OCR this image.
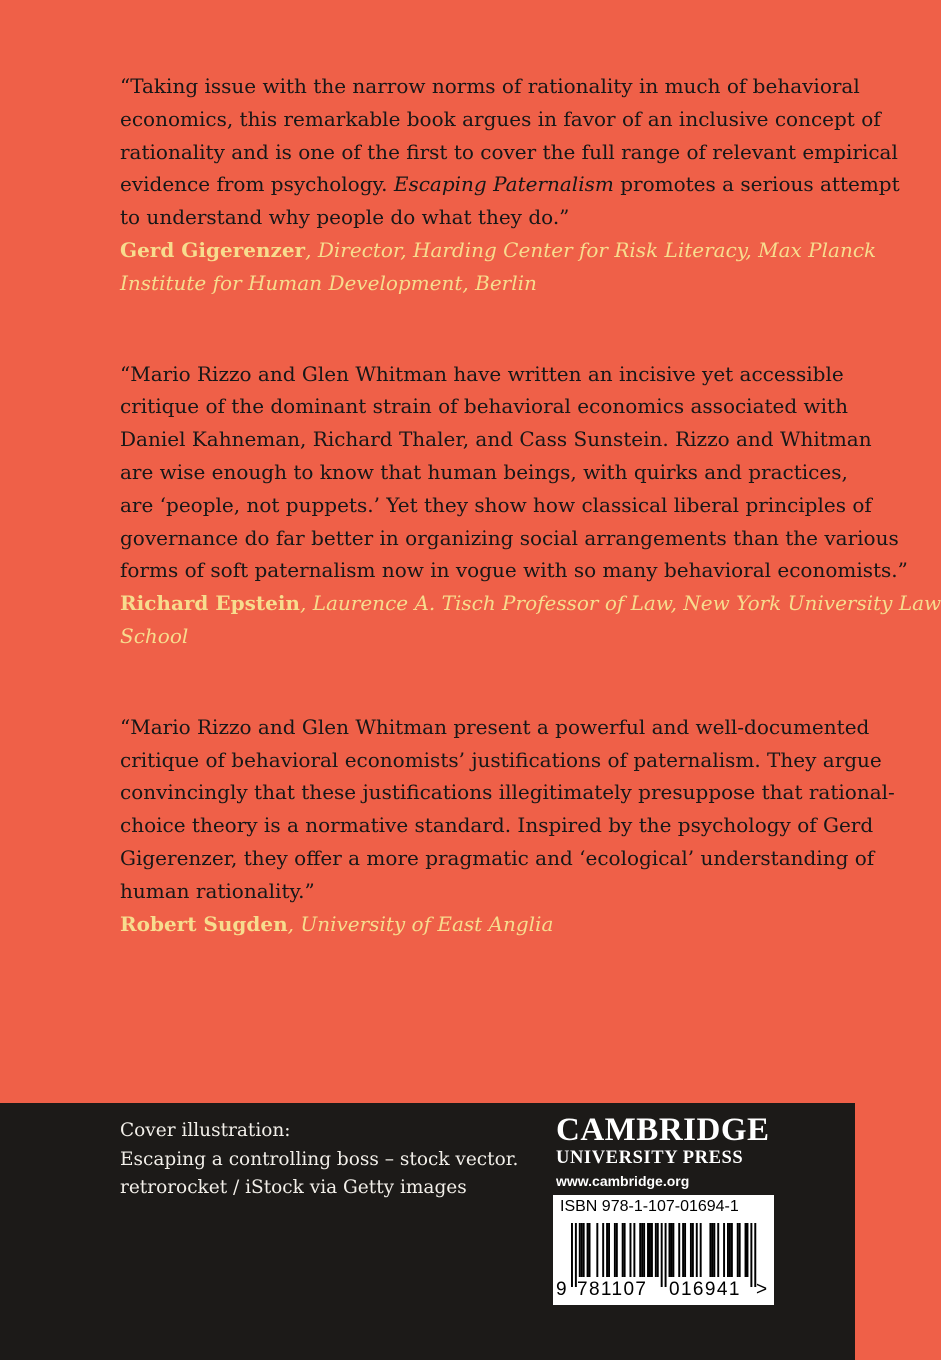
“Taking issue with the narrow norms of rationality in much of behavioral
economics, this remarkable book argues in favor of an inclusive concept of
rationality and is one of the first to cover the full range of relevant empirical
evidence from psychology. Escaping Paternalism promotes a serious attempt
to understand why people do what they do.”
Gerd Gigerenzer, Director, Harding Center for Risk Literacy, Max Planck
Institute for Human Development, Berlin
“Mario Rizzo and Glen Whitman have written an incisive yet accessible
critique of the dominant strain of behavioral economics associated with
Daniel Kahneman, Richard Thaler, and Cass Sunstein. Rizzo and Whitman
are wise enough to know that human beings, with quirks and practices,
are ‘people, not puppets.’ Yet they show how classical liberal principles of
governance do far better in organizing social arrangements than the various
forms of soft paternalism now in vogue with so many behavioral economists.”
Richard Epstein, Laurence A. Tisch Professor of Law, New York University Law
School
“Mario Rizzo and Glen Whitman present a powerful and well-documented
critique of behavioral economists’ justifications of paternalism. They argue
convincingly that these justifications illegitimately presuppose that rational-
choice theory is a normative standard. Inspired by the psychology of Gerd
Gigerenzer, they offer a more pragmatic and ‘ecological’ understanding of
human rationality.”
Robert Sugden, University of East Anglia
Cover illustration:
Escaping a controlling boss – stock vector.
retrorocket / iStock via Getty images
CAMBRIDGE
UNIVERSITY PRESS
www.cambridge.org
ISBN 978-1-107-01694-1
9 781107 016941 >
